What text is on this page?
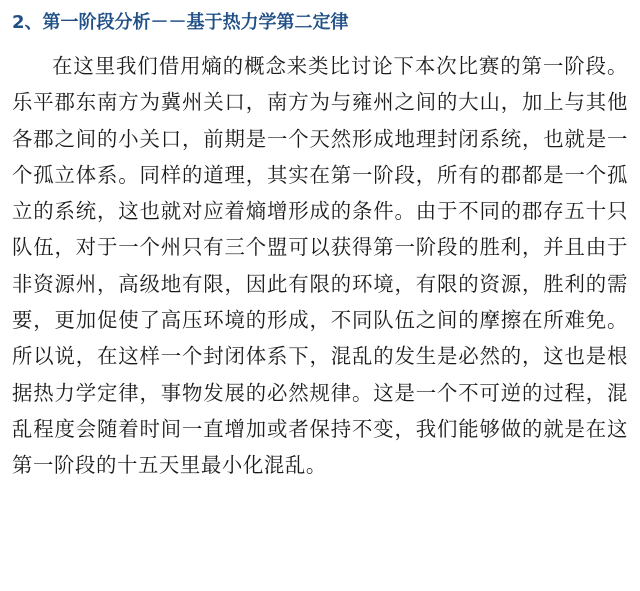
2、第一阶段分析－－基于热力学第二定律

在这里我们借用熵的概念来类比讨论下本次比赛的第一阶段。乐平郡东南方为冀州关口，南方为与雍州之间的大山，加上与其他各郡之间的小关口，前期是一个天然形成地理封闭系统，也就是一个孤立体系。同样的道理，其实在第一阶段，所有的郡都是一个孤立的系统，这也就对应着熵增形成的条件。由于不同的郡存五十只队伍，对于一个州只有三个盟可以获得第一阶段的胜利，并且由于非资源州，高级地有限，因此有限的环境，有限的资源，胜利的需要，更加促使了高压环境的形成，不同队伍之间的摩擦在所难免。所以说，在这样一个封闭体系下，混乱的发生是必然的，这也是根据热力学定律，事物发展的必然规律。这是一个不可逆的过程，混乱程度会随着时间一直增加或者保持不变，我们能够做的就是在这第一阶段的十五天里最小化混乱。
